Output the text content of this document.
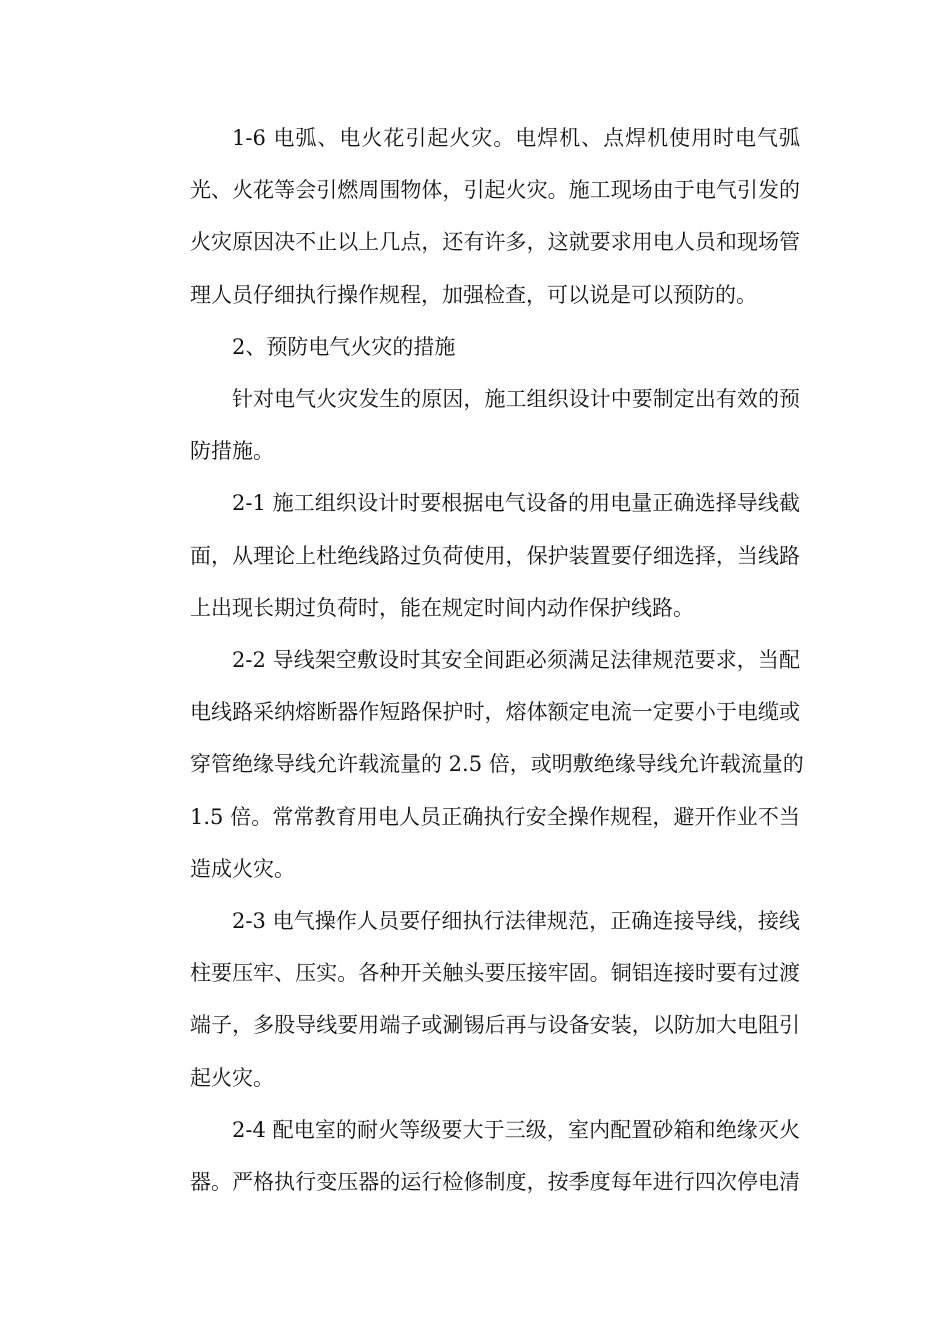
1-6 电弧、电火花引起火灾。电焊机、点焊机使用时电气弧
光、火花等会引燃周围物体，引起火灾。施工现场由于电气引发的
火灾原因决不止以上几点，还有许多，这就要求用电人员和现场管
理人员仔细执行操作规程，加强检查，可以说是可以预防的。
2、预防电气火灾的措施
针对电气火灾发生的原因，施工组织设计中要制定出有效的预
防措施。
2-1 施工组织设计时要根据电气设备的用电量正确选择导线截
面，从理论上杜绝线路过负荷使用，保护装置要仔细选择，当线路
上出现长期过负荷时，能在规定时间内动作保护线路。
2-2 导线架空敷设时其安全间距必须满足法律规范要求，当配
电线路采纳熔断器作短路保护时，熔体额定电流一定要小于电缆或
穿管绝缘导线允许载流量的 2.5 倍，或明敷绝缘导线允许载流量的
1.5 倍。常常教育用电人员正确执行安全操作规程，避开作业不当
造成火灾。
2-3 电气操作人员要仔细执行法律规范，正确连接导线，接线
柱要压牢、压实。各种开关触头要压接牢固。铜铝连接时要有过渡
端子，多股导线要用端子或涮锡后再与设备安装，以防加大电阻引
起火灾。
2-4 配电室的耐火等级要大于三级，室内配置砂箱和绝缘灭火
器。严格执行变压器的运行检修制度，按季度每年进行四次停电清
